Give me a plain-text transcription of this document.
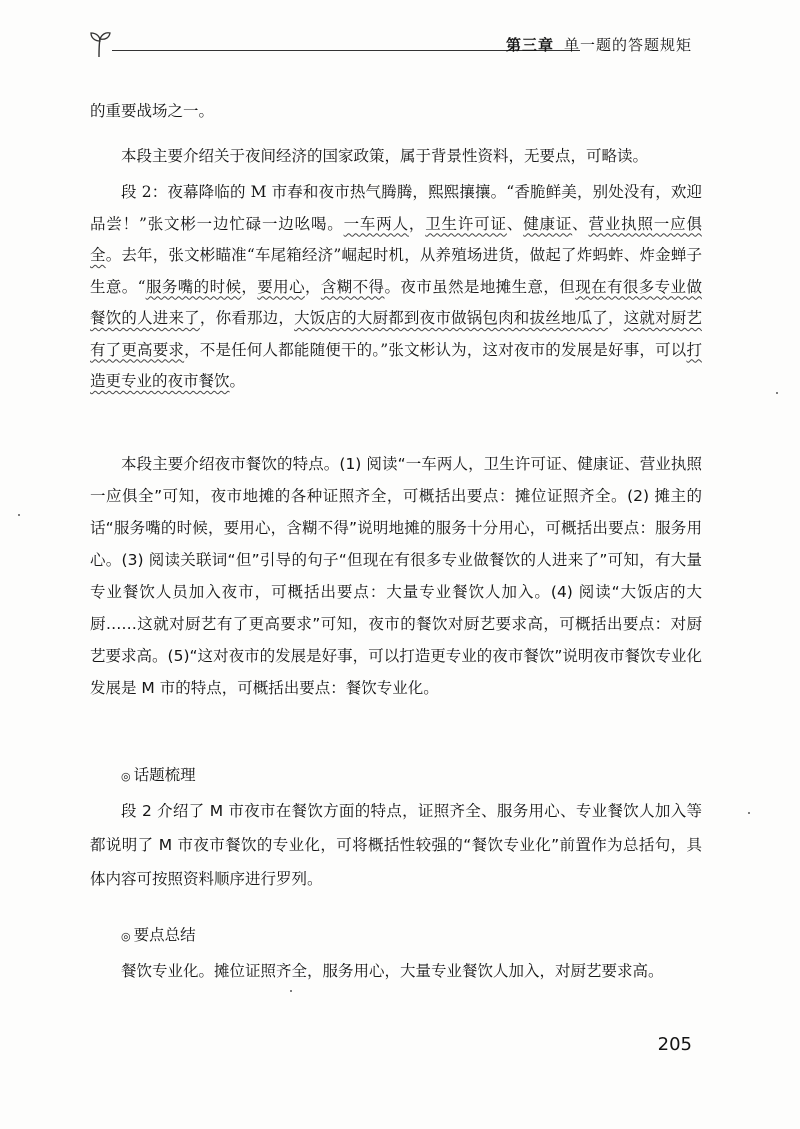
第三章 单一题的答题规矩

的重要战场之一。

本段主要介绍关于夜间经济的国家政策，属于背景性资料，无要点，可略读。

段 2：夜幕降临的 M 市春和夜市热气腾腾，熙熙攘攘。“香脆鲜美，别处没有，欢迎品尝！”张文彬一边忙碌一边吆喝。一车两人，卫生许可证、健康证、营业执照一应俱全。去年，张文彬瞄准“车尾箱经济”崛起时机，从养殖场进货，做起了炸蚂蚱、炸金蝉子生意。“服务嘴的时候，要用心，含糊不得。夜市虽然是地摊生意，但现在有很多专业做餐饮的人进来了，你看那边，大饭店的大厨都到夜市做锅包肉和拔丝地瓜了，这就对厨艺有了更高要求，不是任何人都能随便干的。”张文彬认为，这对夜市的发展是好事，可以打造更专业的夜市餐饮。

本段主要介绍夜市餐饮的特点。(1) 阅读“一车两人，卫生许可证、健康证、营业执照一应俱全”可知，夜市地摊的各种证照齐全，可概括出要点：摊位证照齐全。(2) 摊主的话“服务嘴的时候，要用心，含糊不得”说明地摊的服务十分用心，可概括出要点：服务用心。(3) 阅读关联词“但”引导的句子“但现在有很多专业做餐饮的人进来了”可知，有大量专业餐饮人员加入夜市，可概括出要点：大量专业餐饮人加入。(4) 阅读“大饭店的大厨……这就对厨艺有了更高要求”可知，夜市的餐饮对厨艺要求高，可概括出要点：对厨艺要求高。(5)“这对夜市的发展是好事，可以打造更专业的夜市餐饮”说明夜市餐饮专业化发展是 M 市的特点，可概括出要点：餐饮专业化。

◎ 话题梳理

段 2 介绍了 M 市夜市在餐饮方面的特点，证照齐全、服务用心、专业餐饮人加入等都说明了 M 市夜市餐饮的专业化，可将概括性较强的“餐饮专业化”前置作为总括句，具体内容可按照资料顺序进行罗列。

◎ 要点总结

餐饮专业化。摊位证照齐全，服务用心，大量专业餐饮人加入，对厨艺要求高。

205
